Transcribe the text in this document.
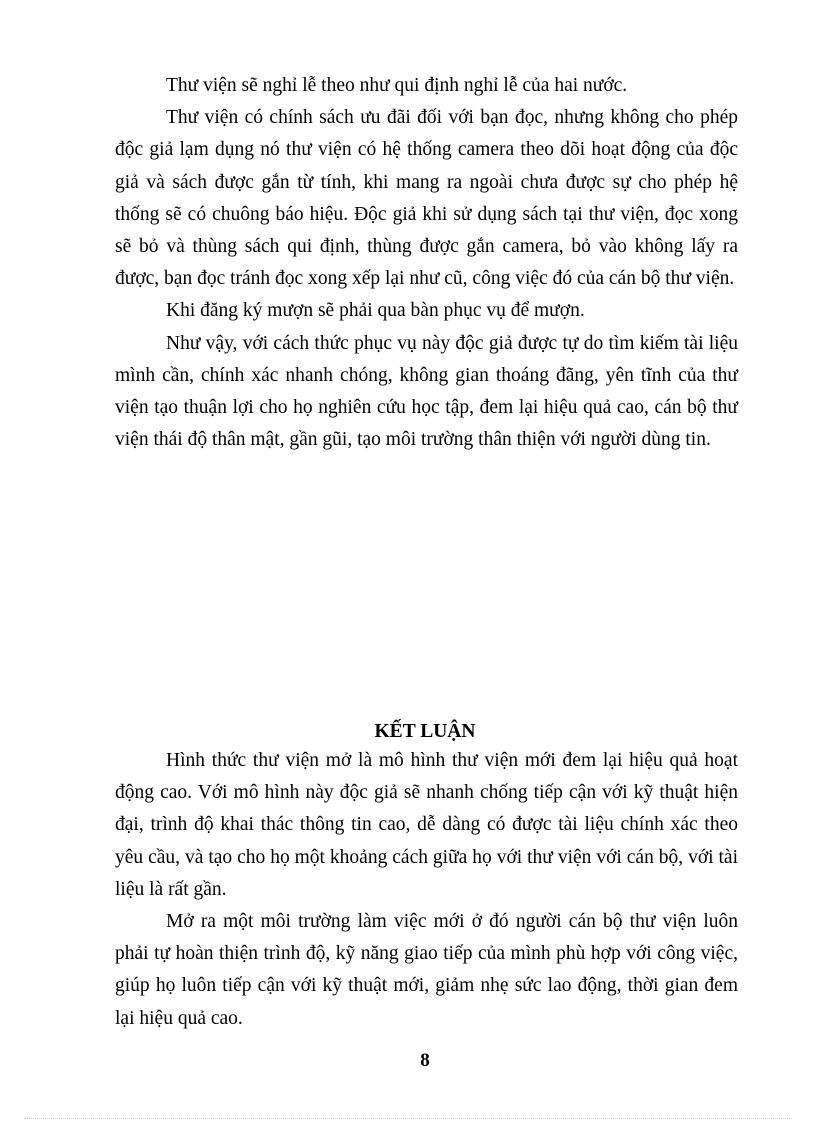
Thư viện sẽ nghỉ lễ theo như qui định nghỉ lễ của hai nước.

Thư viện có chính sách ưu đãi đối với bạn đọc, nhưng không cho phép độc giả lạm dụng nó thư viện có hệ thống camera theo dõi hoạt động của độc giả và sách được gắn từ tính, khi mang ra ngoài chưa được sự cho phép hệ thống sẽ có chuông báo hiệu. Độc giả khi sử dụng sách tại thư viện, đọc xong sẽ bỏ và thùng sách qui định, thùng được gắn camera, bỏ vào không lấy ra được, bạn đọc tránh đọc xong xếp lại như cũ, công việc đó của cán bộ thư viện.

Khi đăng ký mượn sẽ phải qua bàn phục vụ để mượn.

Như vậy, với cách thức phục vụ này độc giả được tự do tìm kiếm tài liệu mình cần, chính xác nhanh chóng, không gian thoáng đãng, yên tĩnh của thư viện tạo thuận lợi cho họ nghiên cứu học tập, đem lại hiệu quả cao, cán bộ thư viện thái độ thân mật, gần gũi, tạo môi trường thân thiện với người dùng tin.

KẾT LUẬN

Hình thức thư viện mở là mô hình thư viện mới đem lại hiệu quả hoạt động cao. Với mô hình này độc giả sẽ nhanh chống tiếp cận với kỹ thuật hiện đại, trình độ khai thác thông tin cao, dễ dàng có được tài liệu chính xác theo yêu cầu, và tạo cho họ một khoảng cách giữa họ với thư viện với cán bộ, với tài liệu là rất gần.

Mở ra một môi trường làm việc mới ở đó người cán bộ thư viện luôn phải tự hoàn thiện trình độ, kỹ năng giao tiếp của mình phù hợp với công việc, giúp họ luôn tiếp cận với kỹ thuật mới, giảm nhẹ sức lao động, thời gian đem lại hiệu quả cao.

8
